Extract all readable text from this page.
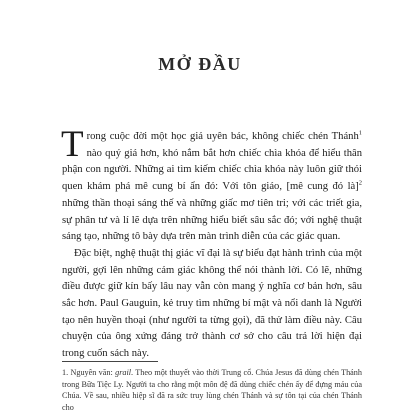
MỞ ĐẦU

Trong cuộc đời một học giả uyên bác, không chiếc chén Thánh$^1$ nào quý giá hơn, khó nắm bắt hơn chiếc chìa khóa để hiểu thân phận con người. Những ai tìm kiếm chiếc chìa khóa này luôn giữ thói quen khám phá mê cung bí ẩn đó: Với tôn giáo, [mê cung đó là]$^2$ những thần thoại sáng thế và những giấc mơ tiên tri; với các triết gia, sự phân tư và lí lẽ dựa trên những hiểu biết sâu sắc đó; với nghệ thuật sáng tạo, những tô bày dựa trên màn trình diễn của các giác quan.

Đặc biệt, nghệ thuật thị giác vĩ đại là sự biểu đạt hành trình của một người, gợi lên những cảm giác không thể nói thành lời. Có lẽ, những điều được giữ kín bấy lâu nay vẫn còn mang ý nghĩa cơ bản hơn, sâu sắc hơn. Paul Gauguin, kẻ truy tìm những bí mật và nổi danh là Người tạo nên huyền thoại (như người ta từng gọi), đã thử làm điều này. Câu chuyện của ông xứng đáng trở thành cơ sở cho câu trả lời hiện đại trong cuốn sách này.

1. Nguyên văn: grail. Theo một thuyết vào thời Trung cổ. Chúa Jesus đã dùng chén Thánh trong Bữa Tiệc Ly. Người ta cho rằng một môn đệ đã dùng chiếc chén ấy để đựng máu của Chúa. Về sau, nhiều hiệp sĩ đã ra sức truy lùng chén Thánh và sự tôn tại của chén Thánh cho
